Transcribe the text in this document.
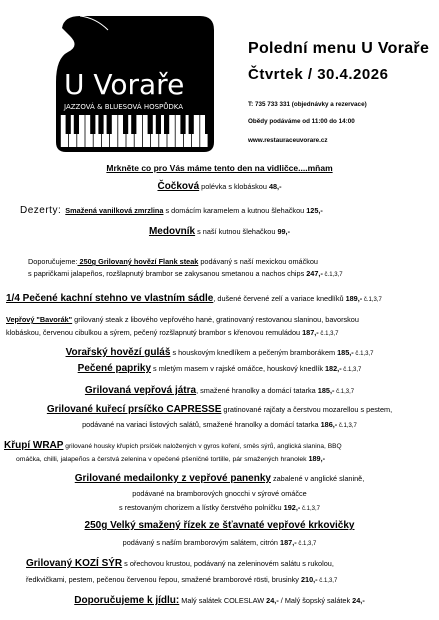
U Voraře
JAZZOVÁ & BLUESOVÁ HOSPŮDKA
Polední menu U Voraře
Čtvrtek / 30.4.2026
T: 735 733 331 (objednávky a rezervace)
Obědy podáváme od 11:00 do 14:00
www.restauraceuvorare.cz
Mrkněte co pro Vás máme tento den na vidličce....mňam
Čočková polévka s klobáskou 48,-
Dezerty: Smažená vanilková zmrzlina s domácím karamelem a kutnou šlehačkou 125,-
Medovník s naší kutnou šlehačkou 99,-
Doporučujeme: 250g Grilovaný hovězí Flank steak podávaný s naší mexickou omáčkou
s papričkami jalapeños, rozšlapnutý brambor se zakysanou smetanou a nachos chips 247,- č.1,3,7
1/4 Pečené kachní stehno ve vlastním sádle, dušené červené zelí a variace knedlíků 189,- č.1,3,7
Vepřový "Bavorák" grilovaný steak z libového vepřového hanė, gratinovaný restovanou slaninou, bavorskou
klobáskou, červenou cibulkou a sýrem, pečený rozšlapnutý brambor s křenovou remuládou 187,- č.1,3,7
Vorařský hovězí guláš s houskovým knedlíkem a pečeným bramborákem 185,- č.1,3,7
Pečené papriky s mletým masem v rajské omáčce, houskový knedlík 182,- č.1,3,7
Grilovaná vepřová játra, smažené hranolky a domácí tatarka 185,- č.1,3,7
Grilované kuřecí prsíčko CAPRESSE gratinované rajčaty a čerstvou mozarellou s pestem,
podávané na variaci listových salátů, smažené hranolky a domácí tatarka 186,- č.1,3,7
Křupí WRAP grilované housky křupích prsíček naložených v gyros koření, směs sýrů, anglická slanina, BBQ
omáčka, chilli, jalapeños a čerstvá zelenina v opečené pšeničné tortille, pár smažených hranolek 189,-
Grilované medailonky z vepřové panenky zabalené v anglické slanině,
podávané na bramborových gnocchi v sýrové omáčce
s restovaným chorizem a lístky čerstvého polníčku 192,- č.1,3,7
250g Velký smažený řízek ze šťavnaté vepřové krkovičky
podávaný s naším bramborovým salátem, citrón 187,- č.1,3,7
Grilovaný KOZÍ SÝR s ořechovou krustou, podávaný na zeleninovém salátu s rukolou,
ředkvičkami, pestem, pečenou červenou řepou, smažené bramborové rösti, brusinky 210,- č.1,3,7
Doporučujeme k jídlu: Malý salátek COLESLAW 24,- / Malý šopský salátek 24,-
